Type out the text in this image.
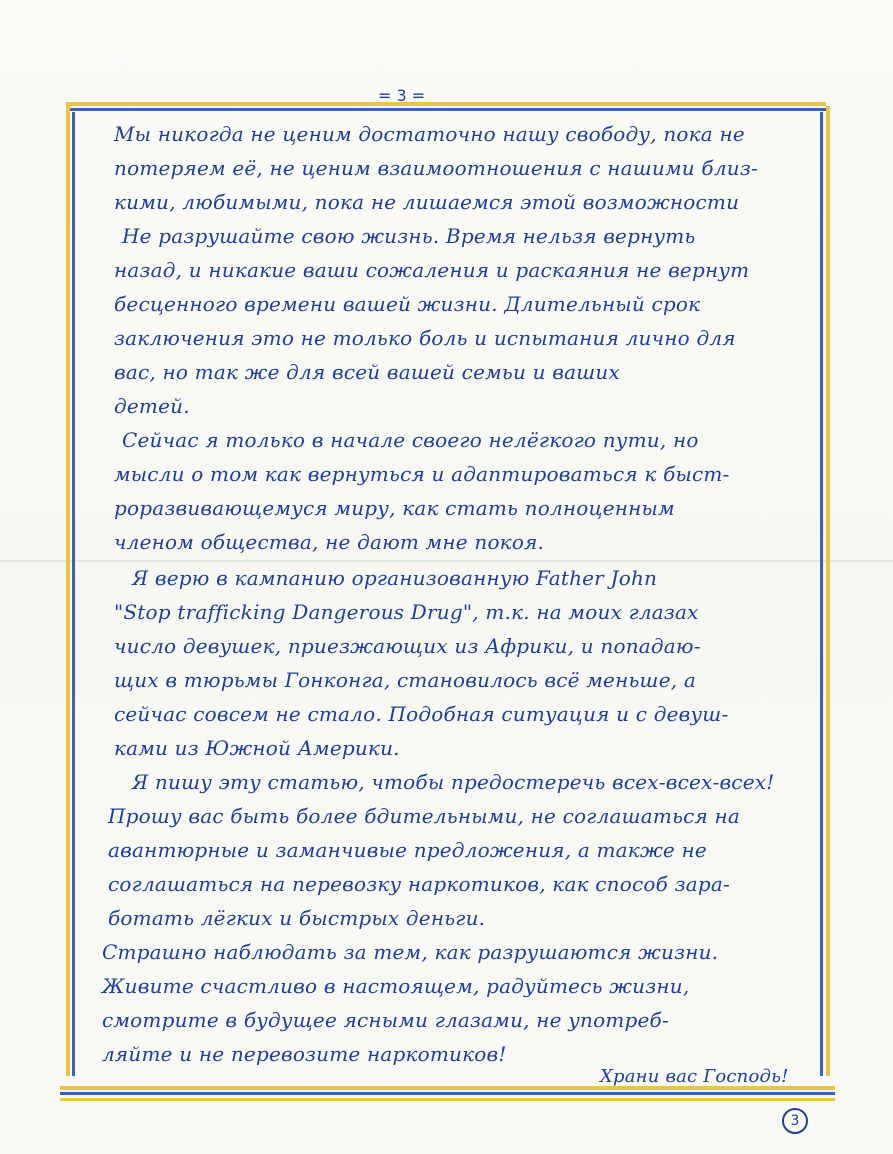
= 3 =
Мы никогда не ценим достаточно нашу свободу, пока не
потеряем её, не ценим взаимоотношения с нашими близ-
кими, любимыми, пока не лишаемся этой возможности
Не разрушайте свою жизнь. Время нельзя вернуть
назад, и никакие ваши сожаления и раскаяния не вернут
бесценного времени вашей жизни. Длительный срок
заключения это не только боль и испытания лично для
вас, но так же для всей вашей семьи и ваших
детей.
Сейчас я только в начале своего нелёгкого пути, но
мысли о том как вернуться и адаптироваться к быст-
роразвивающемуся миру, как стать полноценным
членом общества, не дают мне покоя.
Я верю в кампанию организованную Father John
"Stop trafficking Dangerous Drug", т.к. на моих глазах
число девушек, приезжающих из Африки, и попадаю-
щих в тюрьмы Гонконга, становилось всё меньше, а
сейчас совсем не стало. Подобная ситуация и с девуш-
ками из Южной Америки.
Я пишу эту статью, чтобы предостеречь всех-всех-всех!
Прошу вас быть более бдительными, не соглашаться на
авантюрные и заманчивые предложения, а также не
соглашаться на перевозку наркотиков, как способ зара-
ботать лёгких и быстрых деньги.
Страшно наблюдать за тем, как разрушаются жизни.
Живите счастливо в настоящем, радуйтесь жизни,
смотрите в будущее ясными глазами, не употреб-
ляйте и не перевозите наркотиков!
Храни вас Господь!
3
